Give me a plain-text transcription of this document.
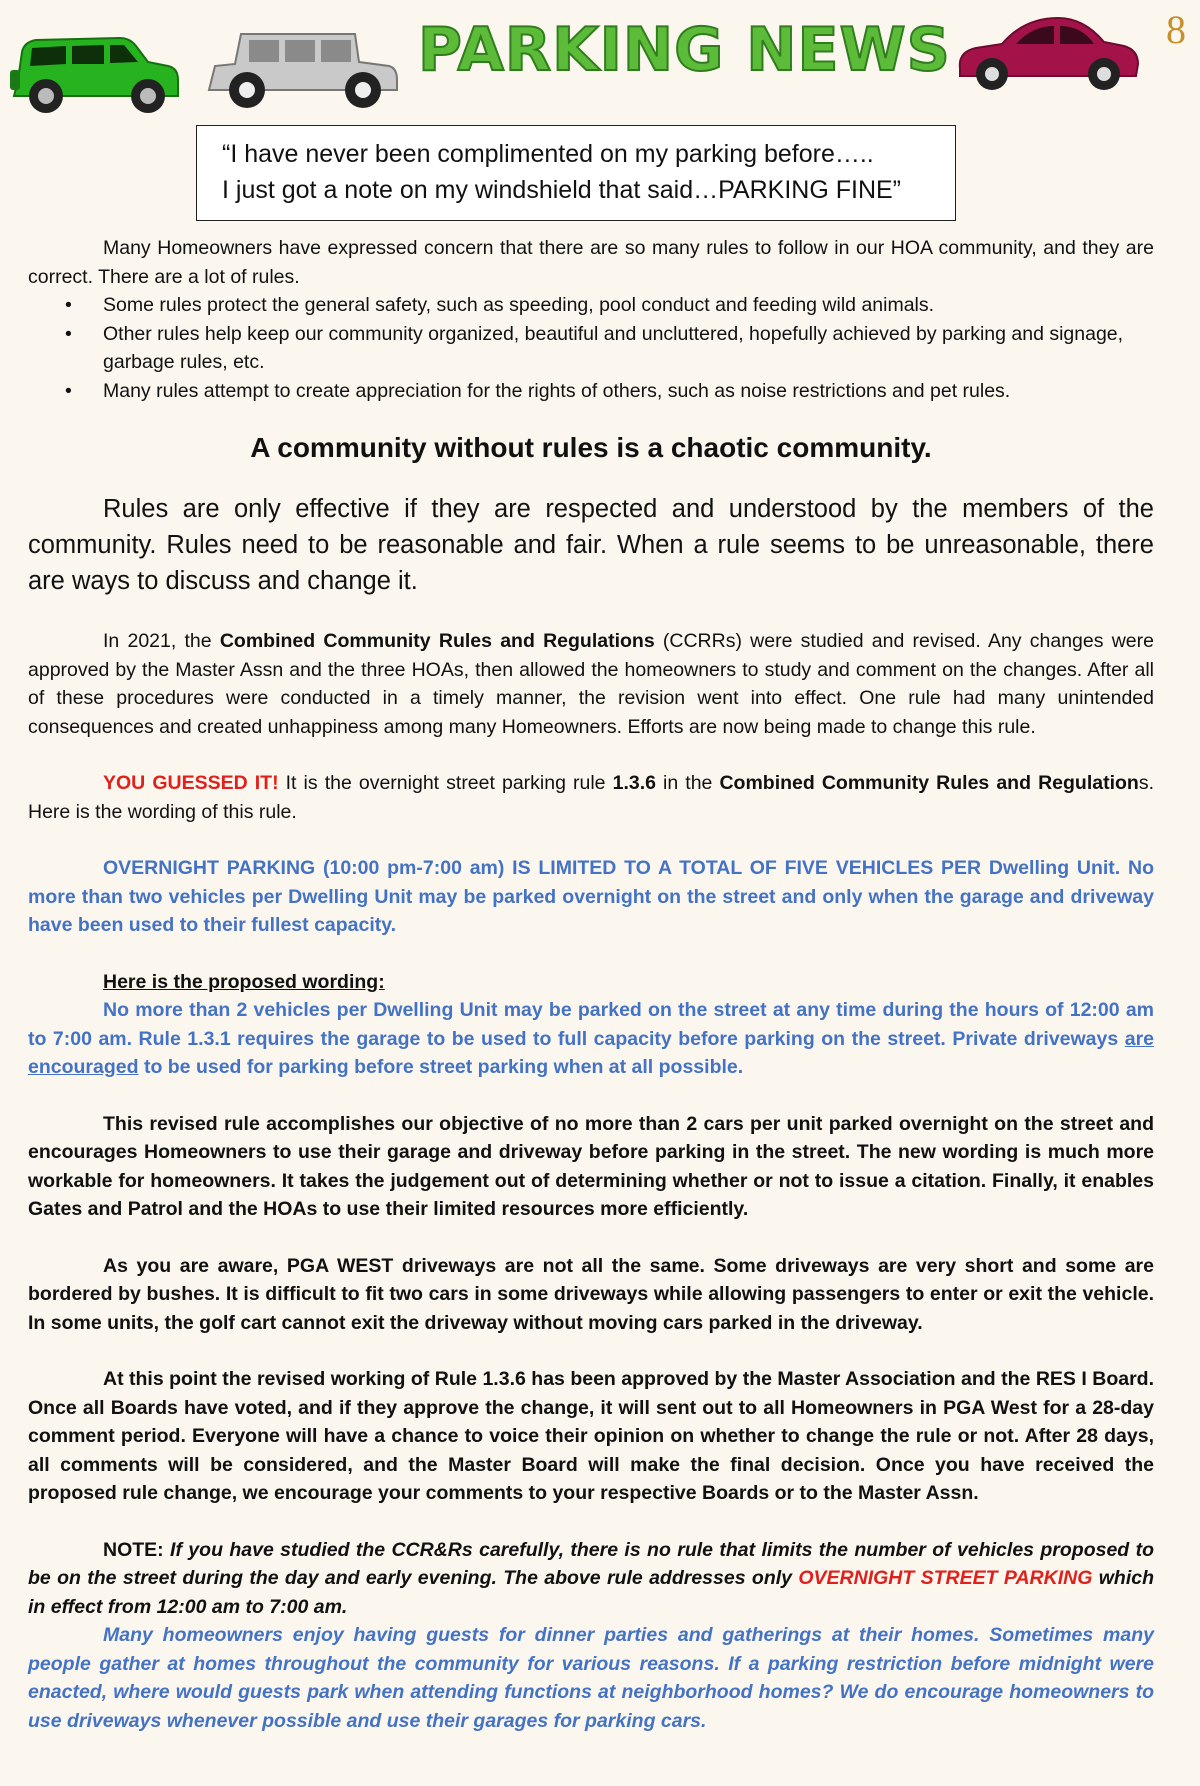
PARKING NEWS	8
“I have never been complimented on my parking before…..
I just got a note on my windshield that said…PARKING FINE”

Many Homeowners have expressed concern that there are so many rules to follow in our HOA community, and they are correct. There are a lot of rules.

• Some rules protect the general safety, such as speeding, pool conduct and feeding wild animals.
• Other rules help keep our community organized, beautiful and uncluttered, hopefully achieved by parking and signage, garbage rules, etc.
• Many rules attempt to create appreciation for the rights of others, such as noise restrictions and pet rules.
A community without rules is a chaotic community.

Rules are only effective if they are respected and understood by the members of the community. Rules need to be reasonable and fair. When a rule seems to be unreasonable, there are ways to discuss and change it.

In 2021, the Combined Community Rules and Regulations (CCRRs) were studied and revised. Any changes were approved by the Master Assn and the three HOAs, then allowed the homeowners to study and comment on the changes. After all of these procedures were conducted in a timely manner, the revision went into effect. One rule had many unintended consequences and created unhappiness among many Homeowners. Efforts are now being made to change this rule.

YOU GUESSED IT! It is the overnight street parking rule 1.3.6 in the Combined Community Rules and Regulations. Here is the wording of this rule.

OVERNIGHT PARKING (10:00 pm-7:00 am) IS LIMITED TO A TOTAL OF FIVE VEHICLES PER Dwelling Unit. No more than two vehicles per Dwelling Unit may be parked overnight on the street and only when the garage and driveway have been used to their fullest capacity.

Here is the proposed wording:

No more than 2 vehicles per Dwelling Unit may be parked on the street at any time during the hours of 12:00 am to 7:00 am. Rule 1.3.1 requires the garage to be used to full capacity before parking on the street. Private driveways are encouraged to be used for parking before street parking when at all possible.

This revised rule accomplishes our objective of no more than 2 cars per unit parked overnight on the street and encourages Homeowners to use their garage and driveway before parking in the street. The new wording is much more workable for homeowners. It takes the judgement out of determining whether or not to issue a citation. Finally, it enables Gates and Patrol and the HOAs to use their limited resources more efficiently.

As you are aware, PGA WEST driveways are not all the same. Some driveways are very short and some are bordered by bushes. It is difficult to fit two cars in some driveways while allowing passengers to enter or exit the vehicle. In some units, the golf cart cannot exit the driveway without moving cars parked in the driveway.

At this point the revised working of Rule 1.3.6 has been approved by the Master Association and the RES I Board. Once all Boards have voted, and if they approve the change, it will sent out to all Homeowners in PGA West for a 28-day comment period. Everyone will have a chance to voice their opinion on whether to change the rule or not. After 28 days, all comments will be considered, and the Master Board will make the final decision. Once you have received the proposed rule change, we encourage your comments to your respective Boards or to the Master Assn.

NOTE: If you have studied the CCR&Rs carefully, there is no rule that limits the number of vehicles proposed to be on the street during the day and early evening. The above rule addresses only OVERNIGHT STREET PARKING which in effect from 12:00 am to 7:00 am.

Many homeowners enjoy having guests for dinner parties and gatherings at their homes. Sometimes many people gather at homes throughout the community for various reasons. If a parking restriction before midnight were enacted, where would guests park when attending functions at neighborhood homes? We do encourage homeowners to use driveways whenever possible and use their garages for parking cars.
